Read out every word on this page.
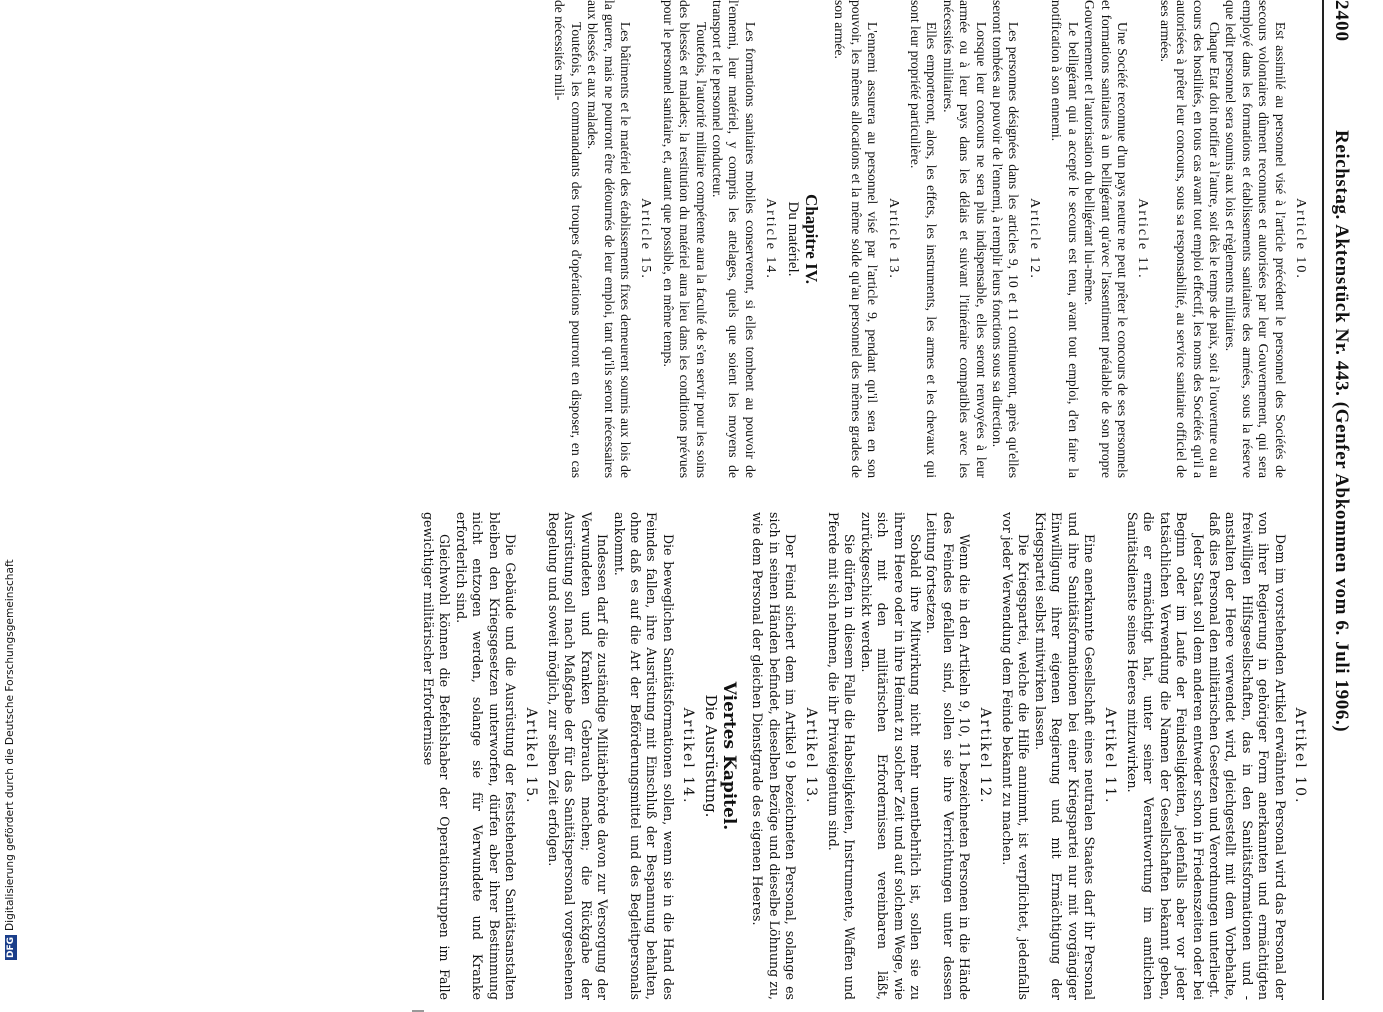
DFGDigitalisierung gefördert durch die Deutsche Forschungsgemeinschaft
2400
Reichstag. Aktenstück Nr. 443. (Genfer Abkommen vom 6. Juli 1906.)
Article 10.

Est assimilé au personnel visé à l'article précédent le personnel des Sociétés de secours volontaires dûment reconnues et autorisées par leur Gouvernement, qui sera employé dans les formations et établissements sanitaires des armées, sous la réserve que ledit personnel sera soumis aux lois et règlements militaires.

Chaque Etat doit notifier à l'autre, soit dès le temps de paix, soit à l'ouverture ou au cours des hostilités, en tous cas avant tout emploi effectif, les noms des Sociétés qu'il a autorisées à prêter leur concours, sous sa responsabilité, au service sanitaire officiel de ses armées.

Article 11.

Une Société reconnue d'un pays neutre ne peut prêter le concours de ses personnels et formations sanitaires à un belligérant qu'avec l'assentiment préalable de son propre Gouvernement et l'autorisation du belligérant lui-même.

Le belligérant qui a accepté le secours est tenu, avant tout emploi, d'en faire la notification à son ennemi.

Article 12.

Les personnes désignées dans les articles 9, 10 et 11 continueront, après qu'elles seront tombées au pouvoir de l'ennemi, à remplir leurs fonctions sous sa direction.

Lorsque leur concours ne sera plus indispensable, elles seront renvoyées à leur armée ou à leur pays dans les délais et suivant l'itinéraire compatibles avec les nécessités militaires.

Elles emporteront, alors, les effets, les instruments, les armes et les chevaux qui sont leur propriété particulière.

Article 13.

L'ennemi assurera au personnel visé par l'article 9, pendant qu'il sera en son pouvoir, les mêmes allocations et la même solde qu'au personnel des mêmes grades de son armée.

Chapitre IV.
Du matériel.
Article 14.

Les formations sanitaires mobiles conserveront, si elles tombent au pouvoir de l'ennemi, leur matériel, y compris les attelages, quels que soient les moyens de transport et le personnel conducteur.

Toutefois, l'autorité militaire compétente aura la faculté de s'en servir pour les soins des blessés et malades; la restitution du matériel aura lieu dans les conditions prévues pour le personnel sanitaire, et, autant que possible, en même temps.

Article 15.

Les bâtiments et le matériel des établissements fixes demeurent soumis aux lois de la guerre, mais ne pourront être détournés de leur emploi, tant qu'ils seront nécessaires aux blessés et aux malades.

Toutefois, les commandants des troupes d'opérations pourront en disposer, en cas de nécessités mili-

Artikel 10.

Dem im vorstehenden Artikel erwähnten Personal wird das Personal der von ihrer Regierung in gehöriger Form anerkannten und ermächtigten freiwilligen Hilfsgesellschaften, das in den Sanitätsformationen und -anstalten der Heere verwendet wird, gleichgestellt mit dem Vorbehalte, daß dies Personal den militärischen Gesetzen und Verordnungen unterliegt.

Jeder Staat soll dem anderen entweder schon in Friedenszeiten oder bei Beginn oder im Laufe der Feindseligkeiten, jedenfalls aber vor jeder tatsächlichen Verwendung die Namen der Gesellschaften bekannt geben, die er ermächtigt hat, unter seiner Verantwortung im amtlichen Sanitätsdienste seines Heeres mitzuwirken.

Artikel 11.

Eine anerkannte Gesellschaft eines neutralen Staates darf ihr Personal und ihre Sanitätsformationen bei einer Kriegspartei nur mit vorgängiger Einwilligung ihrer eigenen Regierung und mit Ermächtigung der Kriegspartei selbst mitwirken lassen.

Die Kriegspartei, welche die Hilfe annimmt, ist verpflichtet, jedenfalls vor jeder Verwendung dem Feinde bekannt zu machen.

Artikel 12.

Wenn die in den Artikeln 9, 10, 11 bezeichneten Personen in die Hände des Feindes gefallen sind, sollen sie ihre Verrichtungen unter dessen Leitung fortsetzen.

Sobald ihre Mitwirkung nicht mehr unentbehrlich ist, sollen sie zu ihrem Heere oder in ihre Heimat zu solcher Zeit und auf solchem Wege, wie sich mit den militärischen Erfordernissen vereinbaren läßt, zurückgeschickt werden.

Sie dürfen in diesem Falle die Habseligkeiten, Instrumente, Waffen und Pferde mit sich nehmen, die ihr Privateigentum sind.

Artikel 13.

Der Feind sichert dem im Artikel 9 bezeichneten Personal, solange es sich in seinen Händen befindet, dieselben Bezüge und dieselbe Löhnung zu, wie dem Personal der gleichen Dienstgrade des eigenen Heeres.

Viertes Kapitel.
Die Ausrüstung.
Artikel 14.

Die beweglichen Sanitätsformationen sollen, wenn sie in die Hand des Feindes fallen, ihre Ausrüstung mit Einschluß der Bespannung behalten, ohne daß es auf die Art der Beförderungsmittel und des Begleitpersonals ankommt.

Indessen darf die zuständige Militärbehörde davon zur Versorgung der Verwundeten und Kranken Gebrauch machen; die Rückgabe der Ausrüstung soll nach Maßgabe der für das Sanitätspersonal vorgesehenen Regelung und soweit möglich, zur selben Zeit erfolgen.

Artikel 15.

Die Gebäude und die Ausrüstung der feststehenden Sanitätsanstalten bleiben den Kriegsgesetzen unterworfen, dürfen aber ihrer Bestimmung nicht entzogen werden, solange sie für Verwundete und Kranke erforderlich sind.

Gleichwohl können die Befehlshaber der Operationstruppen im Falle gewichtiger militärischer Erfordernisse
